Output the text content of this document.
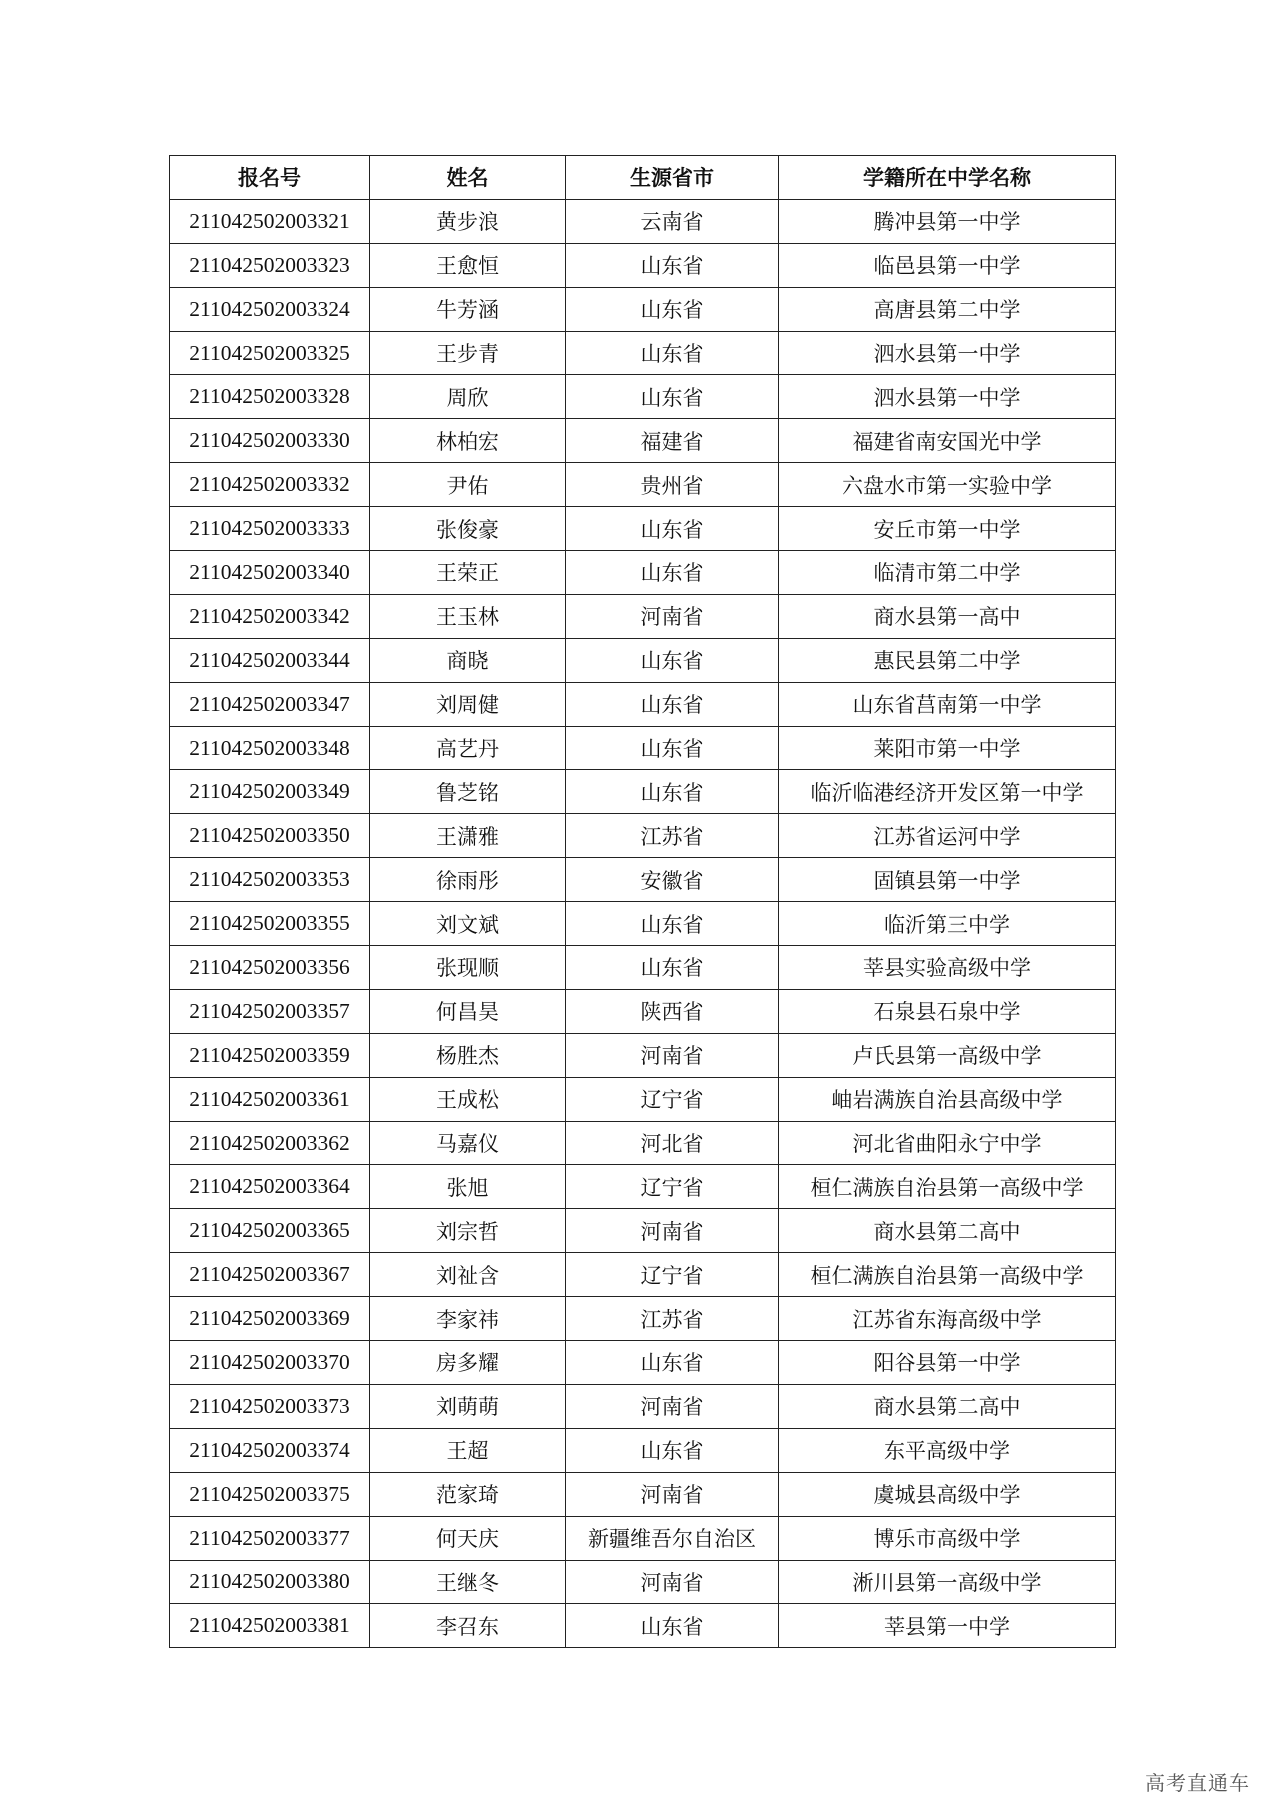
报名号	姓名	生源省市	学籍所在中学名称
211042502003321	黄步浪	云南省	腾冲县第一中学
211042502003323	王愈恒	山东省	临邑县第一中学
211042502003324	牛芳涵	山东省	高唐县第二中学
211042502003325	王步青	山东省	泗水县第一中学
211042502003328	周欣	山东省	泗水县第一中学
211042502003330	林柏宏	福建省	福建省南安国光中学
211042502003332	尹佑	贵州省	六盘水市第一实验中学
211042502003333	张俊豪	山东省	安丘市第一中学
211042502003340	王荣正	山东省	临清市第二中学
211042502003342	王玉林	河南省	商水县第一高中
211042502003344	商晓	山东省	惠民县第二中学
211042502003347	刘周健	山东省	山东省莒南第一中学
211042502003348	高艺丹	山东省	莱阳市第一中学
211042502003349	鲁芝铭	山东省	临沂临港经济开发区第一中学
211042502003350	王潇雅	江苏省	江苏省运河中学
211042502003353	徐雨彤	安徽省	固镇县第一中学
211042502003355	刘文斌	山东省	临沂第三中学
211042502003356	张现顺	山东省	莘县实验高级中学
211042502003357	何昌昊	陕西省	石泉县石泉中学
211042502003359	杨胜杰	河南省	卢氏县第一高级中学
211042502003361	王成松	辽宁省	岫岩满族自治县高级中学
211042502003362	马嘉仪	河北省	河北省曲阳永宁中学
211042502003364	张旭	辽宁省	桓仁满族自治县第一高级中学
211042502003365	刘宗哲	河南省	商水县第二高中
211042502003367	刘祉含	辽宁省	桓仁满族自治县第一高级中学
211042502003369	李家祎	江苏省	江苏省东海高级中学
211042502003370	房多耀	山东省	阳谷县第一中学
211042502003373	刘萌萌	河南省	商水县第二高中
211042502003374	王超	山东省	东平高级中学
211042502003375	范家琦	河南省	虞城县高级中学
211042502003377	何天庆	新疆维吾尔自治区	博乐市高级中学
211042502003380	王继冬	河南省	淅川县第一高级中学
211042502003381	李召东	山东省	莘县第一中学
高考直通车
